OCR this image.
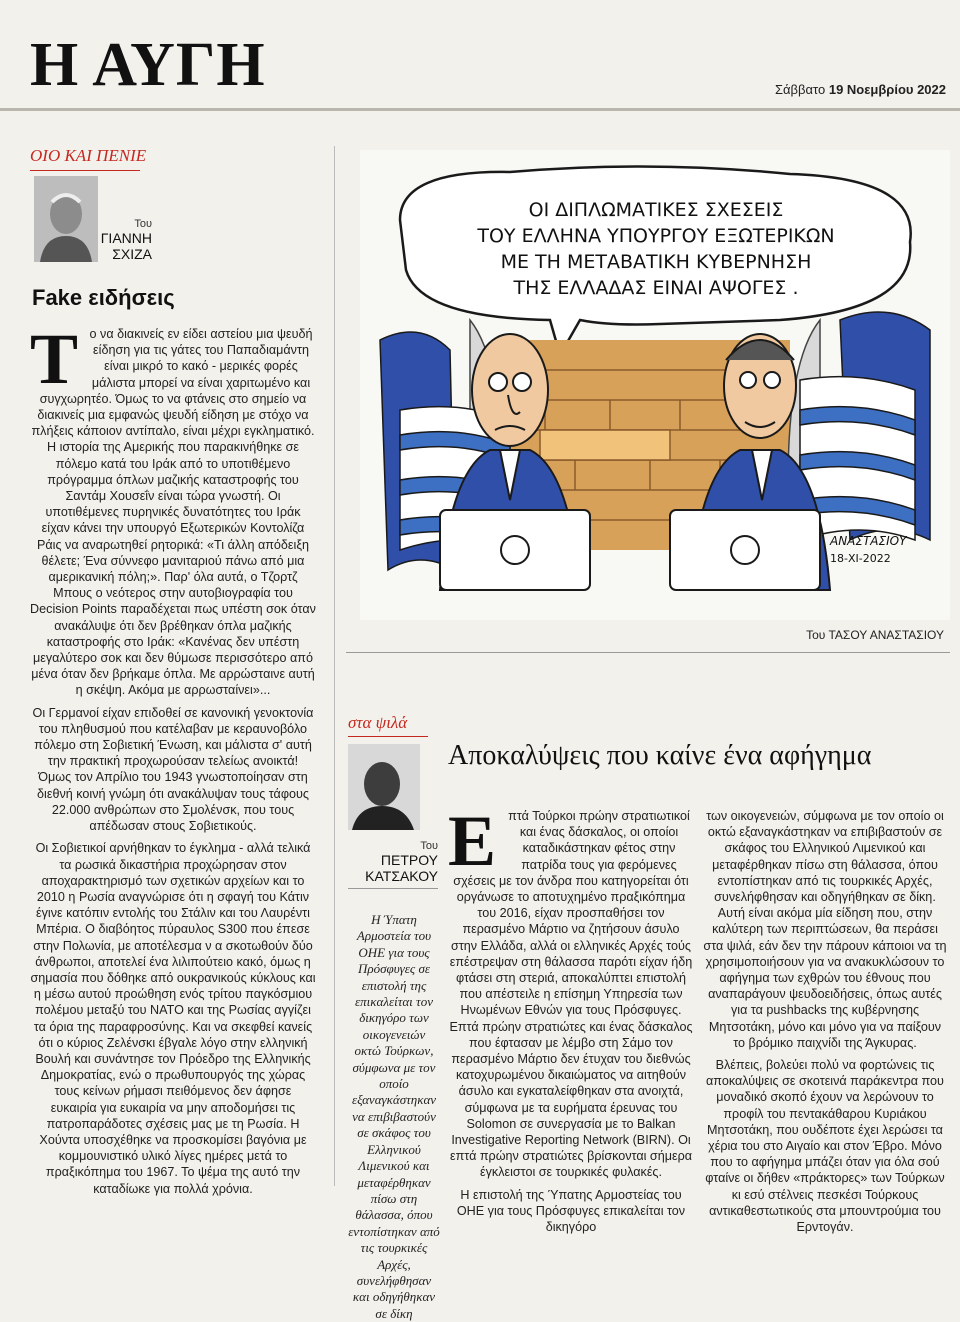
Η ΑΥΓΗ	Σάββατο 19 Νοεμβρίου 2022
ΟΙΟ ΚΑΙ ΠΕΝΙΕ
Του
ΓΙΑΝΝΗ
ΣΧΙΖΑ
Fake ειδήσεις

Το να διακινείς εν είδει αστείου μια ψευδή είδηση για τις γάτες του Παπαδιαμάντη είναι μικρό το κακό - μερικές φορές μάλιστα μπορεί να είναι χαριτωμένο και συγχωρητέο. Όμως το να φτάνεις στο σημείο να διακινείς μια εμφανώς ψευδή είδηση με στόχο να πλήξεις κάποιον αντίπαλο, είναι μέχρι εγκληματικό. Η ιστορία της Αμερικής που παρακινήθηκε σε πόλεμο κατά του Ιράκ από το υποτιθέμενο πρόγραμμα όπλων μαζικής καταστροφής του Σαντάμ Χουσεΐν είναι τώρα γνωστή. Οι υποτιθέμενες πυρηνικές δυνατότητες του Ιράκ είχαν κάνει την υπουργό Εξωτερικών Κοντολίζα Ράις να αναρωτηθεί ρητορικά: «Τι άλλη απόδειξη θέλετε; Ένα σύννεφο μανιταριού πάνω από μια αμερικανική πόλη;». Παρ' όλα αυτά, ο Τζορτζ Μπους ο νεότερος στην αυτοβιογραφία του Decision Points παραδέχεται πως υπέστη σοκ όταν ανακάλυψε ότι δεν βρέθηκαν όπλα μαζικής καταστροφής στο Ιράκ: «Κανένας δεν υπέστη μεγαλύτερο σοκ και δεν θύμωσε περισσότερο από μένα όταν δεν βρήκαμε όπλα. Με αρρώσταινε αυτή η σκέψη. Ακόμα με αρρωσταίνει»...

Οι Γερμανοί είχαν επιδοθεί σε κανονική γενοκτονία του πληθυσμού που κατέλαβαν με κεραυνοβόλο πόλεμο στη Σοβιετική Ένωση, και μάλιστα σ' αυτή την πρακτική προχωρούσαν τελείως ανοικτά! Όμως τον Απρίλιο του 1943 γνωστοποίησαν στη διεθνή κοινή γνώμη ότι ανακάλυψαν τους τάφους 22.000 ανθρώπων στο Σμολένσκ, που τους απέδωσαν στους Σοβιετικούς.

Οι Σοβιετικοί αρνήθηκαν το έγκλημα - αλλά τελικά τα ρωσικά δικαστήρια προχώρησαν στον αποχαρακτηρισμό των σχετικών αρχείων και το 2010 η Ρωσία αναγνώρισε ότι η σφαγή του Κάτιν έγινε κατόπιν εντολής του Στάλιν και του Λαυρέντι Μπέρια. Ο διαβόητος πύραυλος S300 που έπεσε στην Πολωνία, με αποτέλεσμα ν α σκοτωθούν δύο άνθρωποι, αποτελεί ένα λιλιπούτειο κακό, όμως η σημασία που δόθηκε από ουκρανικούς κύκλους και η μέσω αυτού προώθηση ενός τρίτου παγκόσμιου πολέμου μεταξύ του ΝΑΤΟ και της Ρωσίας αγγίζει τα όρια της παραφροσύνης. Και να σκεφθεί κανείς ότι ο κύριος Ζελένσκι έβγαλε λόγο στην ελληνική Βουλή και συνάντησε τον Πρόεδρο της Ελληνικής Δημοκρατίας, ενώ ο πρωθυπουργός της χώρας τους κείνων ρήμασι πειθόμενος δεν άφησε ευκαιρία για ευκαιρία να μην αποδομήσει τις πατροπαράδοτες σχέσεις μας με τη Ρωσία. Η Χούντα υποσχέθηκε να προσκομίσει βαγόνια με κομμουνιστικό υλικό λίγες ημέρες μετά το πραξικόπημα του 1967. Το ψέμα της αυτό την καταδίωκε για πολλά χρόνια.

ΟΙ ΔΙΠΛΩΜΑΤΙΚΕΣ ΣΧΕΣΕΙΣ
ΤΟΥ ΕΛΛΗΝΑ ΥΠΟΥΡΓΟΥ ΕΞΩΤΕΡΙΚΩΝ
ΜΕ ΤΗ ΜΕΤΑΒΑΤΙΚΗ ΚΥΒΕΡΝΗΣΗ
ΤΗΣ ΕΛΛΑΔΑΣ ΕΙΝΑΙ ΑΨΟΓΕΣ .
ΑΝΑΣΤΑΣΙΟΥ
18-ΧΙ-2022
Του ΤΑΣΟΥ ΑΝΑΣΤΑΣΙΟΥ
στα ψιλά
Του
ΠΕΤΡΟΥ
ΚΑΤΣΑΚΟΥ
Η Ύπατη Αρμοστεία του ΟΗΕ για τους Πρόσφυγες σε επιστολή της επικαλείται τον δικηγόρο των οικογενειών οκτώ Τούρκων, σύμφωνα με τον οποίο εξαναγκάστηκαν να επιβιβαστούν σε σκάφος του Ελληνικού Λιμενικού και μεταφέρθηκαν πίσω στη θάλασσα, όπου εντοπίστηκαν από τις τουρκικές Αρχές, συνελήφθησαν και οδηγήθηκαν σε δίκη
Αποκαλύψεις που καίνε ένα αφήγημα

Επτά Τούρκοι πρώην στρατιωτικοί και ένας δάσκαλος, οι οποίοι καταδικάστηκαν φέτος στην πατρίδα τους για φερόμενες σχέσεις με τον άνδρα που κατηγορείται ότι οργάνωσε το αποτυχημένο πραξικόπημα του 2016, είχαν προσπαθήσει τον περασμένο Μάρτιο να ζητήσουν άσυλο στην Ελλάδα, αλλά οι ελληνικές Αρχές τούς επέστρεψαν στη θάλασσα παρότι είχαν ήδη φτάσει στη στεριά, αποκαλύπτει επιστολή που απέστειλε η επίσημη Υπηρεσία των Ηνωμένων Εθνών για τους Πρόσφυγες. Επτά πρώην στρατιώτες και ένας δάσκαλος που έφτασαν με λέμβο στη Σάμο τον περασμένο Μάρτιο δεν έτυχαν του διεθνώς κατοχυρωμένου δικαιώματος να αιτηθούν άσυλο και εγκαταλείφθηκαν στα ανοιχτά, σύμφωνα με τα ευρήματα έρευνας του Solomon σε συνεργασία με το Balkan Investigative Reporting Network (BIRN). Οι επτά πρώην στρατιώτες βρίσκονται σήμερα έγκλειστοι σε τουρκικές φυλακές.

Η επιστολή της Ύπατης Αρμοστείας του ΟΗΕ για τους Πρόσφυγες επικαλείται τον δικηγόρο

των οικογενειών, σύμφωνα με τον οποίο οι οκτώ εξαναγκάστηκαν να επιβιβαστούν σε σκάφος του Ελληνικού Λιμενικού και μεταφέρθηκαν πίσω στη θάλασσα, όπου εντοπίστηκαν από τις τουρκικές Αρχές, συνελήφθησαν και οδηγήθηκαν σε δίκη. Αυτή είναι ακόμα μία είδηση που, στην καλύτερη των περιπτώσεων, θα περάσει στα ψιλά, εάν δεν την πάρουν κάποιοι να τη χρησιμοποιήσουν για να ανακυκλώσουν το αφήγημα των εχθρών του έθνους που αναπαράγουν ψευδοειδήσεις, όπως αυτές για τα pushbacks της κυβέρνησης Μητσοτάκη, μόνο και μόνο για να παίξουν το βρόμικο παιχνίδι της Άγκυρας.

Βλέπεις, βολεύει πολύ να φορτώνεις τις αποκαλύψεις σε σκοτεινά παράκεντρα που μοναδικό σκοπό έχουν να λερώνουν το προφίλ του πεντακάθαρου Κυριάκου Μητσοτάκη, που ουδέποτε έχει λερώσει τα χέρια του στο Αιγαίο και στον Έβρο. Μόνο που το αφήγημα μπάζει όταν για όλα σού φταίνε οι δήθεν «πράκτορες» των Τούρκων κι εσύ στέλνεις πεσκέσι Τούρκους αντικαθεστωτικούς στα μπουντρούμια του Ερντογάν.
